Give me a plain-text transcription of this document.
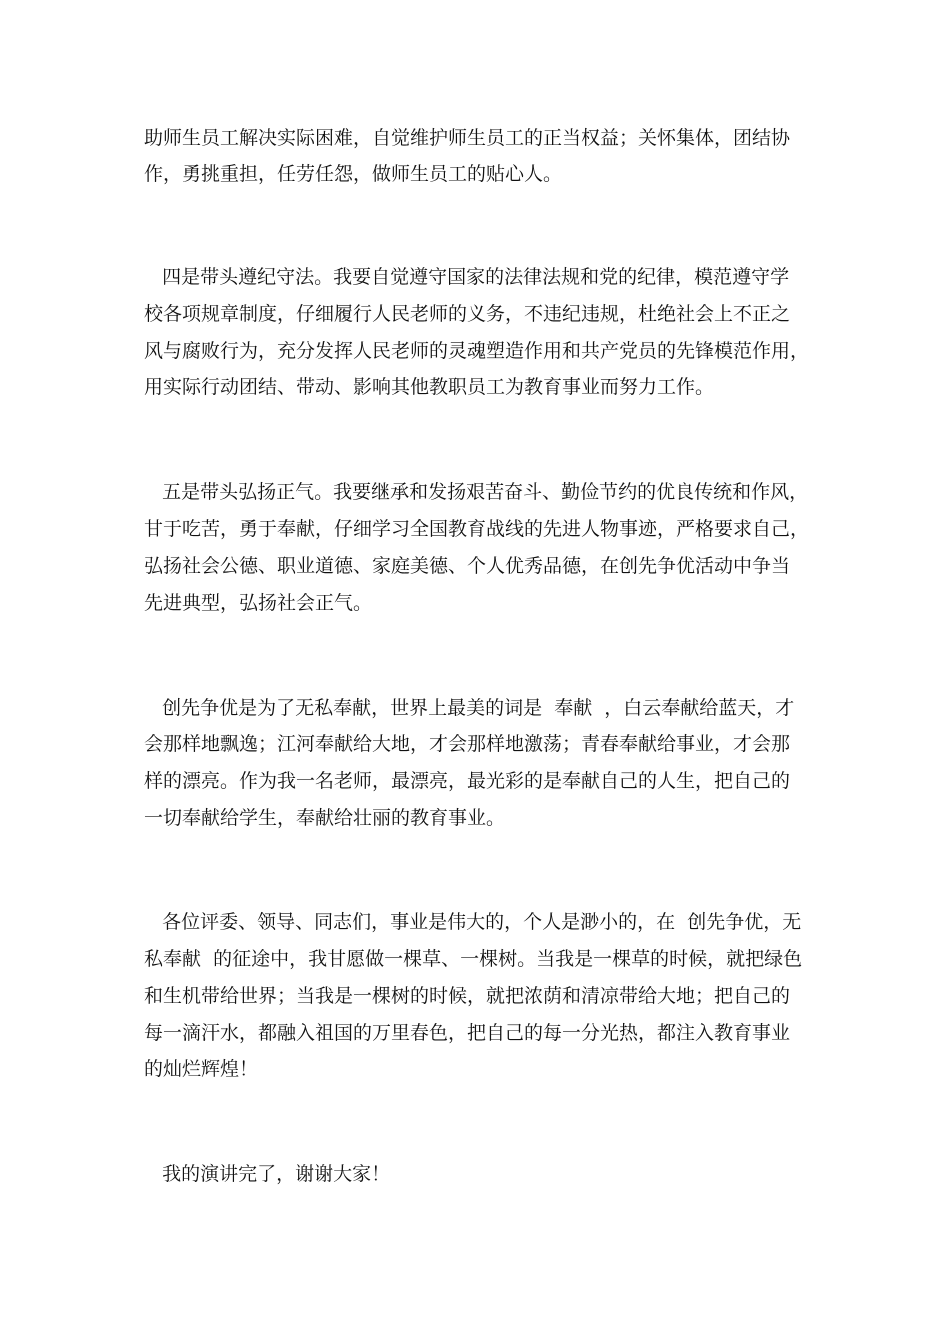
助师生员工解决实际困难，自觉维护师生员工的正当权益；关怀集体，团结协
作，勇挑重担，任劳任怨，做师生员工的贴心人。
四是带头遵纪守法。我要自觉遵守国家的法律法规和党的纪律，模范遵守学
校各项规章制度，仔细履行人民老师的义务，不违纪违规，杜绝社会上不正之
风与腐败行为，充分发挥人民老师的灵魂塑造作用和共产党员的先锋模范作用，
用实际行动团结、带动、影响其他教职员工为教育事业而努力工作。
五是带头弘扬正气。我要继承和发扬艰苦奋斗、勤俭节约的优良传统和作风，
甘于吃苦，勇于奉献，仔细学习全国教育战线的先进人物事迹，严格要求自己，
弘扬社会公德、职业道德、家庭美德、个人优秀品德，在创先争优活动中争当
先进典型，弘扬社会正气。
创先争优是为了无私奉献，世界上最美的词是  奉献  ，白云奉献给蓝天，才
会那样地飘逸；江河奉献给大地，才会那样地激荡；青春奉献给事业，才会那
样的漂亮。作为我一名老师，最漂亮，最光彩的是奉献自己的人生，把自己的
一切奉献给学生，奉献给壮丽的教育事业。
各位评委、领导、同志们，事业是伟大的，个人是渺小的，在  创先争优，无
私奉献  的征途中，我甘愿做一棵草、一棵树。当我是一棵草的时候，就把绿色
和生机带给世界；当我是一棵树的时候，就把浓荫和清凉带给大地；把自己的
每一滴汗水，都融入祖国的万里春色，把自己的每一分光热，都注入教育事业
的灿烂辉煌！
我的演讲完了，谢谢大家！
